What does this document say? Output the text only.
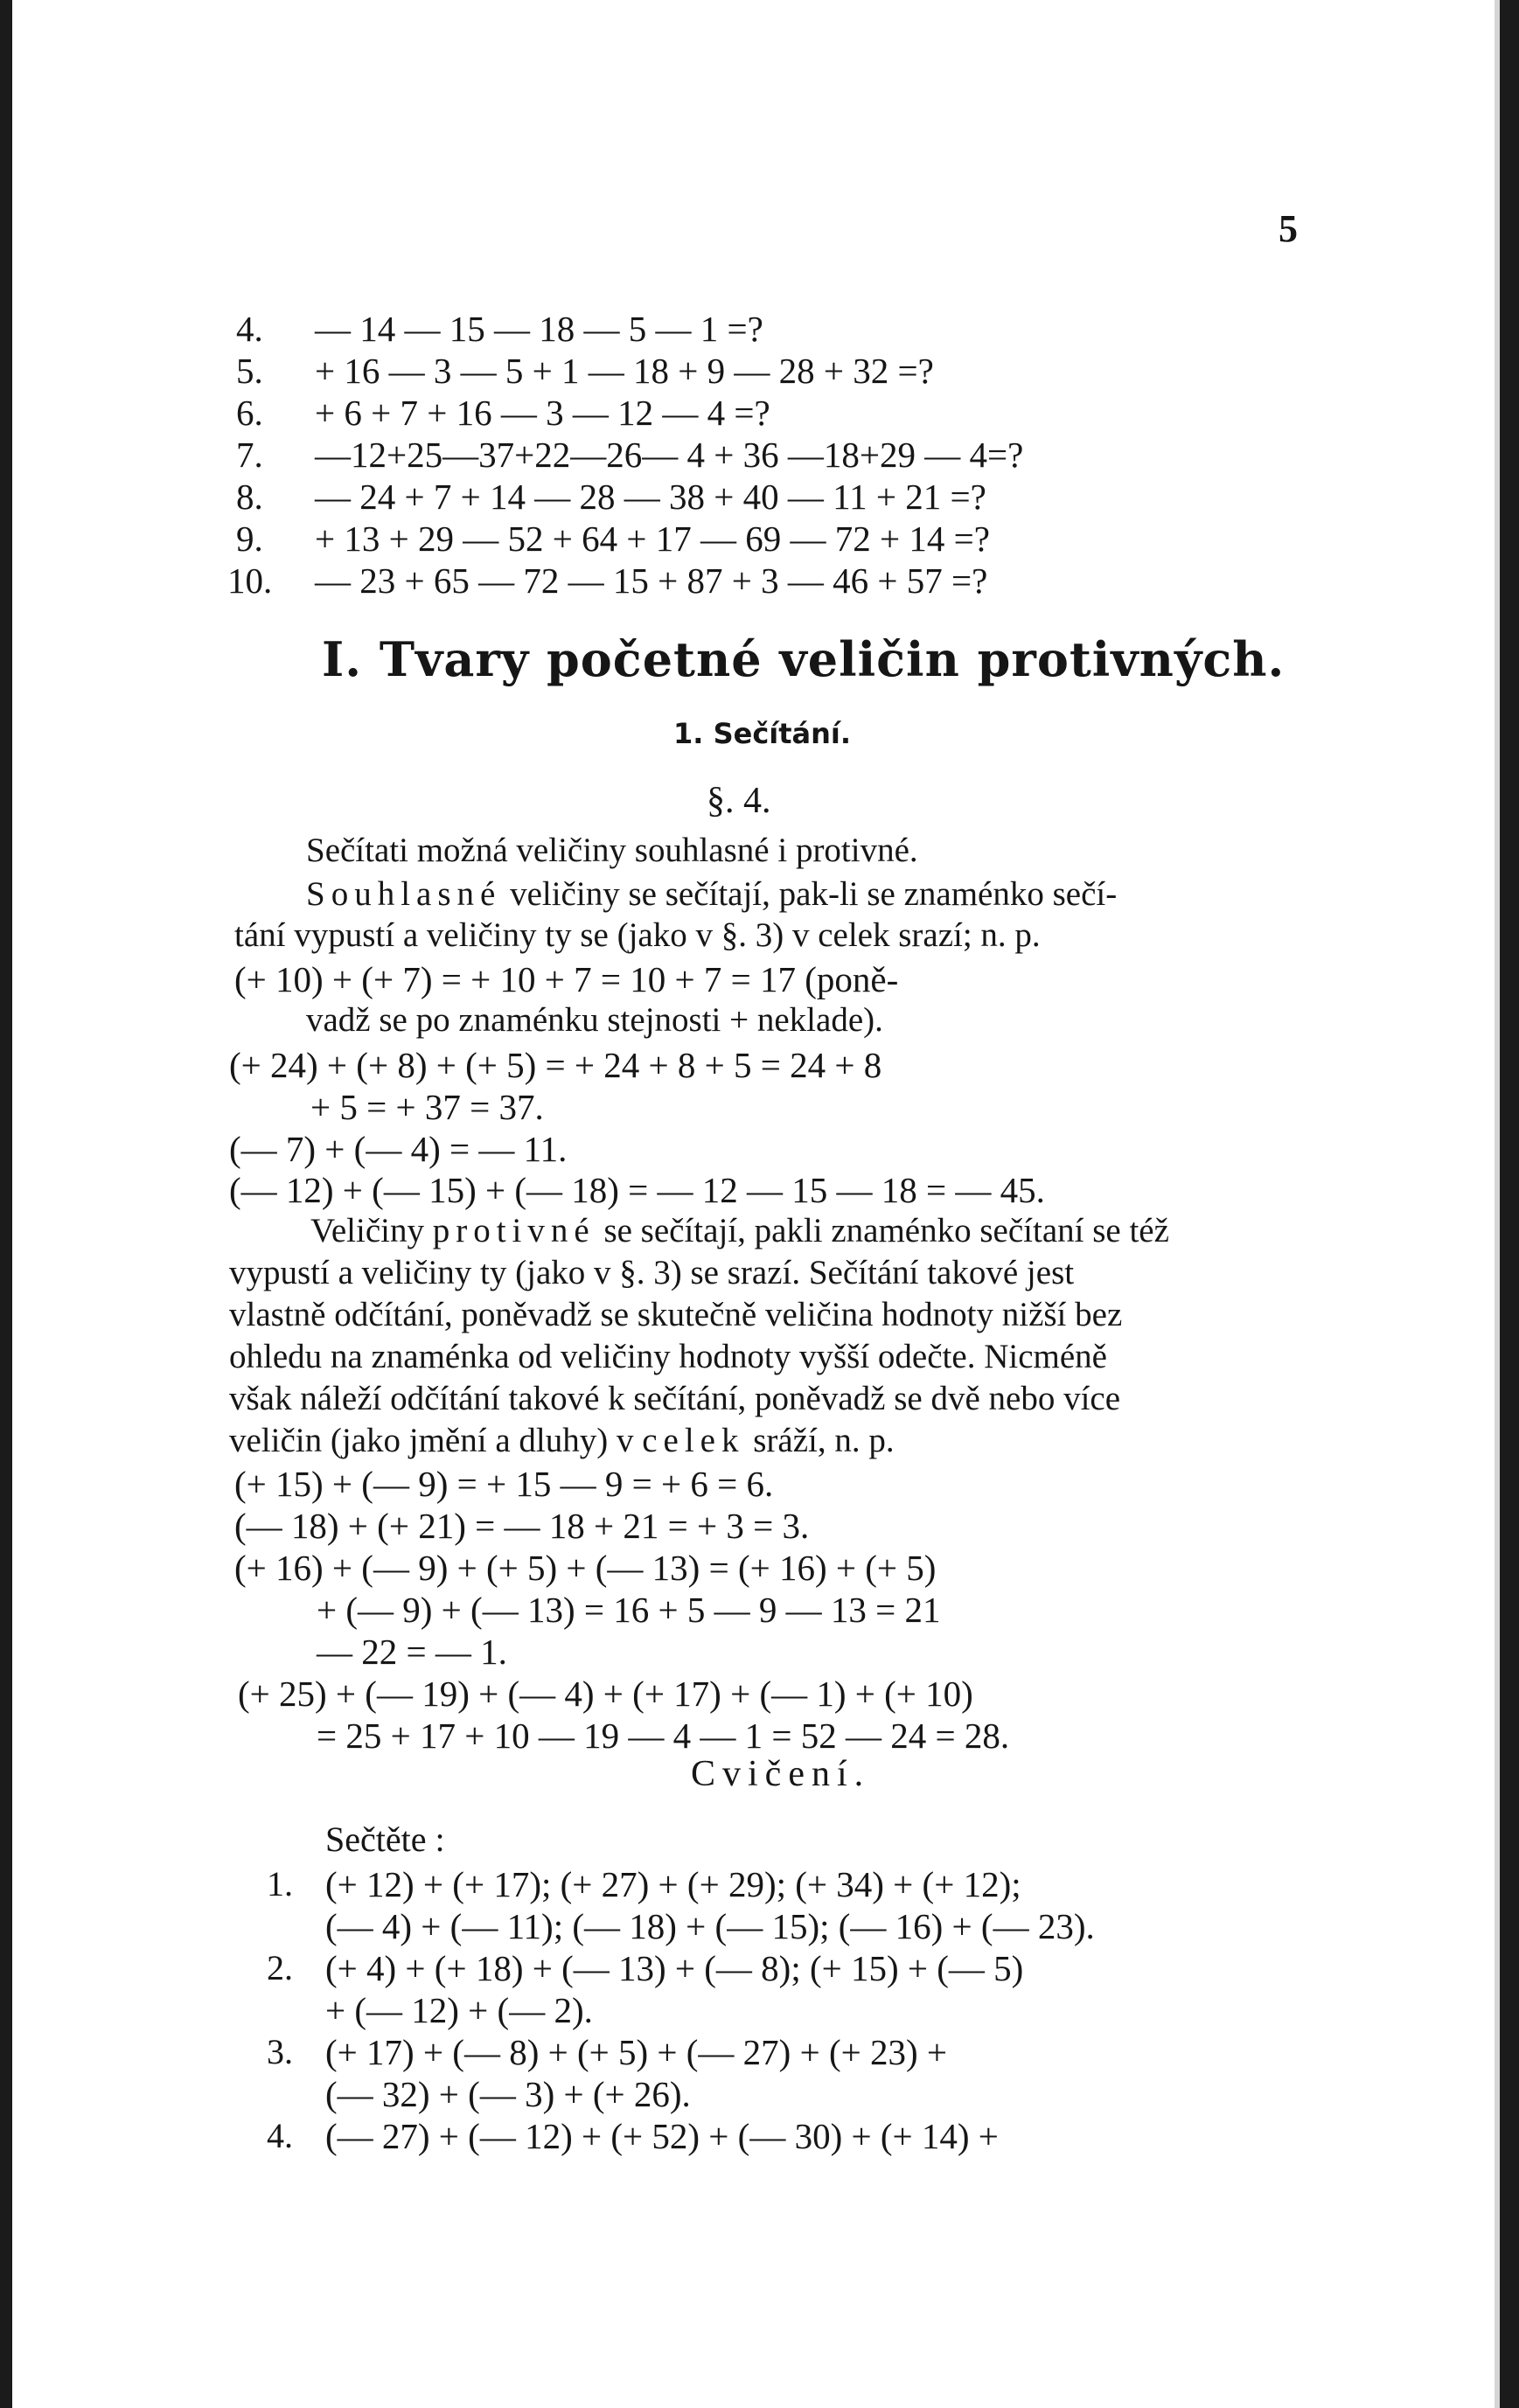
5
4. — 14 — 15 — 18 — 5 — 1 =?
5. + 16 — 3 — 5 + 1 — 18 + 9 — 28 + 32 =?
6. + 6 + 7 + 16 — 3 — 12 — 4 =?
7. —12+25—37+22—26— 4 + 36 —18+29 — 4=?
8. — 24 + 7 + 14 — 28 — 38 + 40 — 11 + 21 =?
9. + 13 + 29 — 52 + 64 + 17 — 69 — 72 + 14 =?
10. — 23 + 65 — 72 — 15 + 87 + 3 — 46 + 57 =?
I. Tvary početné veličin protivných.
1. Sečítání.
§. 4.
Sečítati možná veličiny souhlasné i protivné.
Souhlasné veličiny se sečítají, pak-li se znaménko sečí-
tání vypustí a veličiny ty se (jako v §. 3) v celek srazí; n. p.
(+ 10) + (+ 7) = + 10 + 7 = 10 + 7 = 17 (poně-
vadž se po znaménku stejnosti + neklade).
(+ 24) + (+ 8) + (+ 5) = + 24 + 8 + 5 = 24 + 8
+ 5 = + 37 = 37.
(— 7) + (— 4) = — 11.
(— 12) + (— 15) + (— 18) = — 12 — 15 — 18 = — 45.
Veličiny protivné se sečítají, pakli znaménko sečítaní se též
vypustí a veličiny ty (jako v §. 3) se srazí. Sečítání takové jest
vlastně odčítání, poněvadž se skutečně veličina hodnoty nižší bez
ohledu na znaménka od veličiny hodnoty vyšší odečte. Nicméně
však náleží odčítání takové k sečítání, poněvadž se dvě nebo více
veličin (jako jmění a dluhy) v celek sráží, n. p.
(+ 15) + (— 9) = + 15 — 9 = + 6 = 6.
(— 18) + (+ 21) = — 18 + 21 = + 3 = 3.
(+ 16) + (— 9) + (+ 5) + (— 13) = (+ 16) + (+ 5)
+ (— 9) + (— 13) = 16 + 5 — 9 — 13 = 21
— 22 = — 1.
(+ 25) + (— 19) + (— 4) + (+ 17) + (— 1) + (+ 10)
= 25 + 17 + 10 — 19 — 4 — 1 = 52 — 24 = 28.
Cvičení.
Sečtěte :
1. (+ 12) + (+ 17); (+ 27) + (+ 29); (+ 34) + (+ 12);
(— 4) + (— 11); (— 18) + (— 15); (— 16) + (— 23).
2. (+ 4) + (+ 18) + (— 13) + (— 8); (+ 15) + (— 5)
+ (— 12) + (— 2).
3. (+ 17) + (— 8) + (+ 5) + (— 27) + (+ 23) +
(— 32) + (— 3) + (+ 26).
4. (— 27) + (— 12) + (+ 52) + (— 30) + (+ 14) +
